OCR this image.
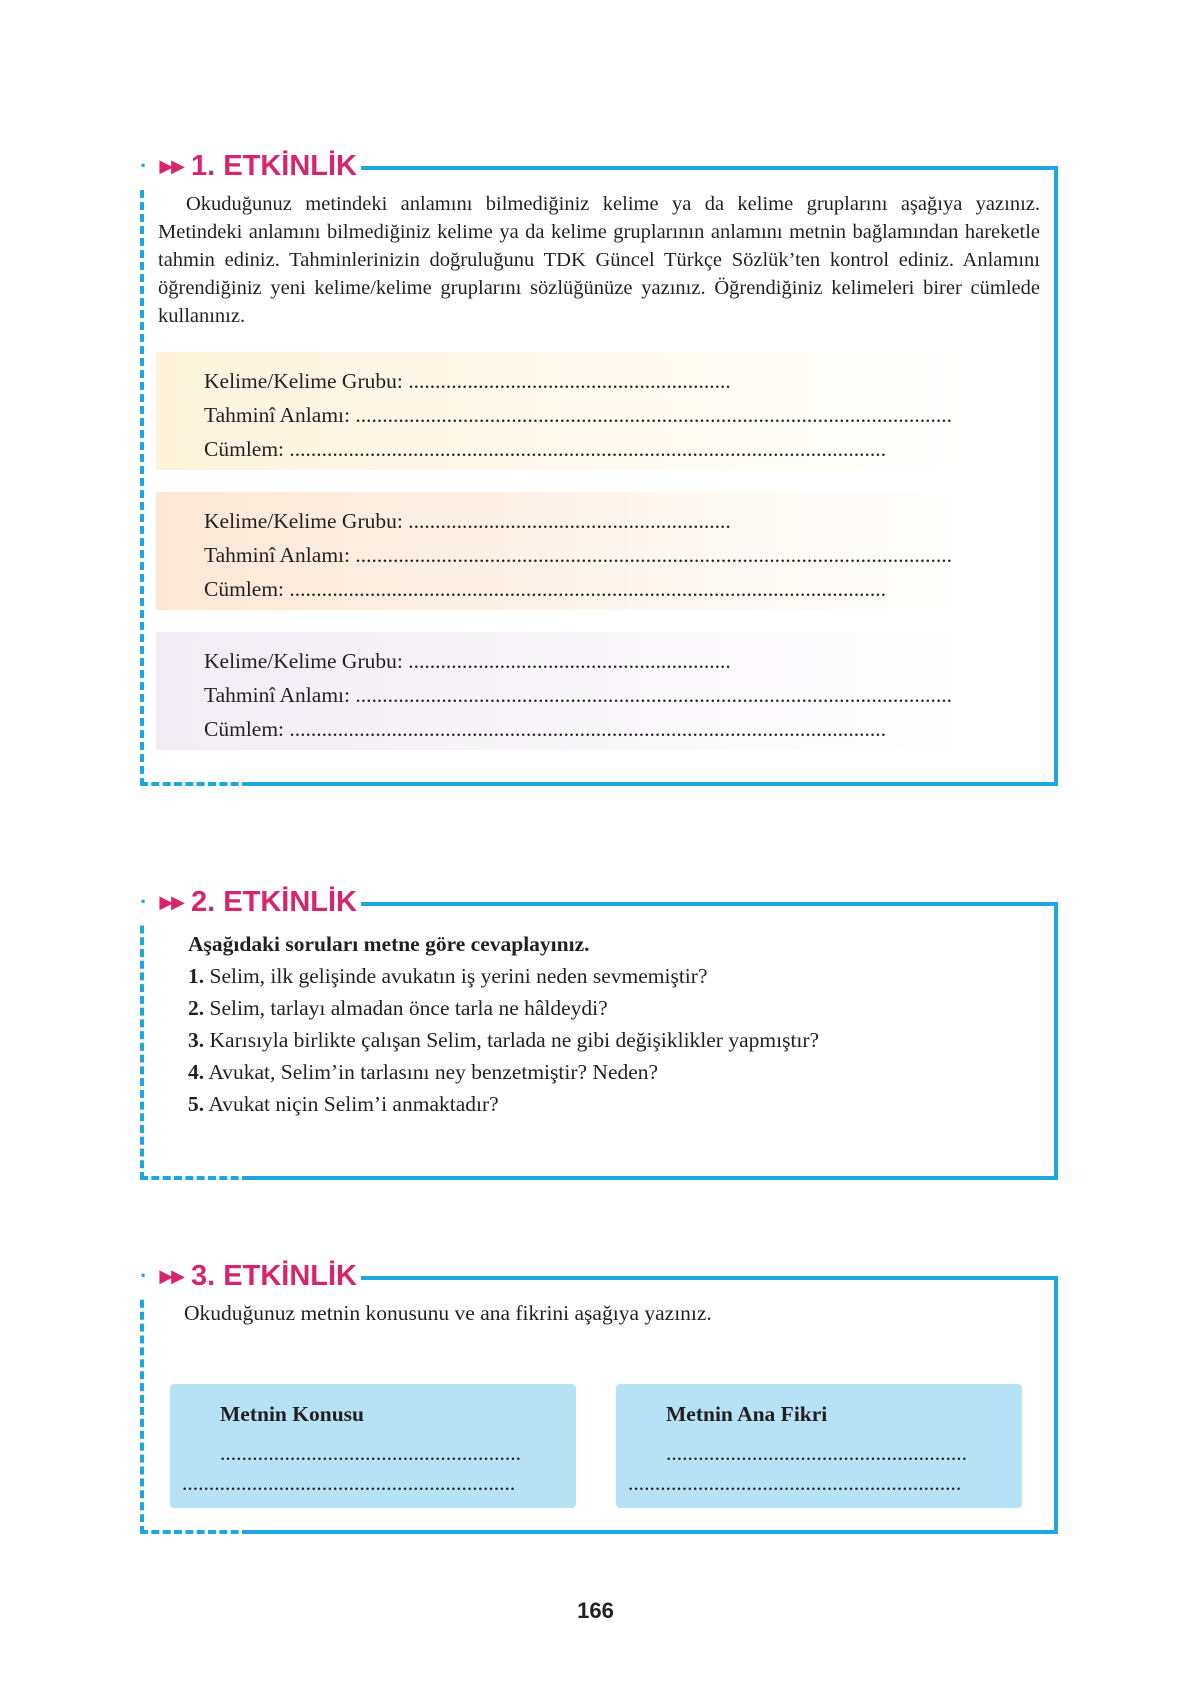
· ▶▶ 1. ETKİNLİK

Okuduğunuz metindeki anlamını bilmediğiniz kelime ya da kelime gruplarını aşağıya yazınız. Metindeki anlamını bilmediğiniz kelime ya da kelime gruplarının anlamını metnin bağlamından hareketle tahmin ediniz. Tahminlerinizin doğruluğunu TDK Güncel Türkçe Sözlük’ten kontrol ediniz. Anlamını öğrendiğiniz yeni kelime/kelime gruplarını sözlüğünüze yazınız. Öğrendiğiniz kelimeleri birer cümlede kullanınız.

Kelime/Kelime Grubu: ............................................................
Tahminî Anlamı: ...............................................................................................................
Cümlem: ...............................................................................................................
Kelime/Kelime Grubu: ............................................................
Tahminî Anlamı: ...............................................................................................................
Cümlem: ...............................................................................................................
Kelime/Kelime Grubu: ............................................................
Tahminî Anlamı: ...............................................................................................................
Cümlem: ...............................................................................................................
· ▶▶ 2. ETKİNLİK
Aşağıdaki soruları metne göre cevaplayınız.
1. Selim, ilk gelişinde avukatın iş yerini neden sevmemiştir?
2. Selim, tarlayı almadan önce tarla ne hâldeydi?
3. Karısıyla birlikte çalışan Selim, tarlada ne gibi değişiklikler yapmıştır?
4. Avukat, Selim’in tarlasını ney benzetmiştir? Neden?
5. Avukat niçin Selim’i anmaktadır?
· ▶▶ 3. ETKİNLİK
Okuduğunuz metnin konusunu ve ana fikrini aşağıya yazınız.
Metnin Konusu
........................................................
..............................................................
Metnin Ana Fikri
........................................................
..............................................................
166
